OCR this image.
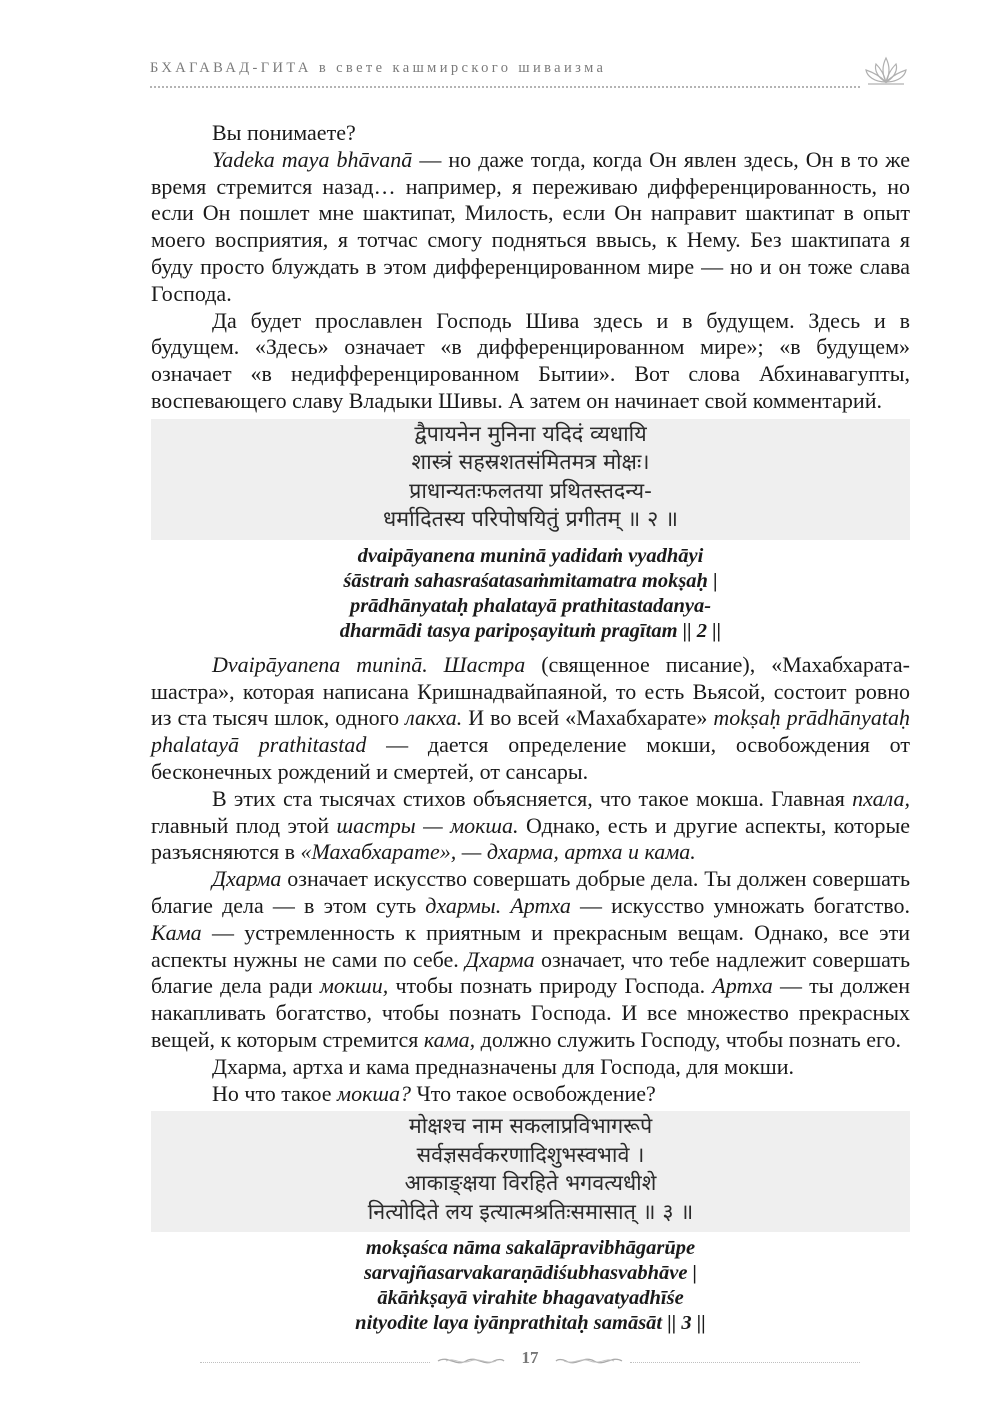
БХАГАВАД-ГИТА в свете кашмирского шиваизма

Вы понимаете?

Yadeka maya bhāvanā — но даже тогда, когда Он явлен здесь, Он в то же время стремится назад… например, я переживаю дифференцированность, но если Он пошлет мне шактипат, Милость, если Он направит шактипат в опыт моего восприятия, я тотчас смогу подняться ввысь, к Нему. Без шактипата я буду просто блуждать в этом дифференцированном мире — но и он тоже слава Господа.

Да будет прославлен Господь Шива здесь и в будущем. Здесь и в будущем. «Здесь» означает «в дифференцированном мире»; «в будущем» означает «в недифференцированном Бытии». Вот слова Абхинавагупты, воспевающего славу Владыки Шивы. А затем он начинает свой комментарий.

द्वैपायनेन मुनिना यदिदं व्यधायि
शास्त्रं सहस्रशतसंमितमत्र मोक्षः।
प्राधान्यतःफलतया प्रथितस्तदन्य-
धर्मादितस्य परिपोषयितुं प्रगीतम् ॥ २ ॥
dvaipāyanena muninā yadidaṁ vyadhāyi
śāstraṁ sahasraśatasaṁmitamatra mokṣaḥ |
prādhānyataḥ phalatayā prathitastadanya-
dharmādi tasya paripoṣayituṁ pragītam || 2 ||

Dvaipāyanena muninā. Шастра (священное писание), «Махабхарата-шастра», которая написана Кришнадвайпаяной, то есть Вьясой, состоит ровно из ста тысяч шлок, одного лакха. И во всей «Махабхарате» mokṣaḥ prādhānyataḥ phalatayā prathitastad — дается определение мокши, освобождения от бесконечных рождений и смертей, от сансары.

В этих ста тысячах стихов объясняется, что такое мокша. Главная пхала, главный плод этой шастры — мокша. Однако, есть и другие аспекты, которые разъясняются в «Махабхарате», — дхарма, артха и кама.

Дхарма означает искусство совершать добрые дела. Ты должен совершать благие дела — в этом суть дхармы. Артха — искусство умножать богатство. Кама — устремленность к приятным и прекрасным вещам. Однако, все эти аспекты нужны не сами по себе. Дхарма означает, что тебе надлежит совершать благие дела ради мокши, чтобы познать природу Господа. Артха — ты должен накапливать богатство, чтобы познать Господа. И все множество прекрасных вещей, к которым стремится кама, должно служить Господу, чтобы познать его.

Дхарма, артха и кама предназначены для Господа, для мокши.

Но что такое мокша? Что такое освобождение?

मोक्षश्च नाम सकलाप्रविभागरूपे
सर्वज्ञसर्वकरणादिशुभस्वभावे ।
आकाङ्क्षया विरहिते भगवत्यधीशे
नित्योदिते लय इत्यात्मश्रतिःसमासात् ॥ ३ ॥
mokṣaśca nāma sakalāpravibhāgarūpe
sarvajñasarvakaraṇādiśubhasvabhāve |
ākāṅkṣayā virahite bhagavatyadhīśe
nityodite laya iyānprathitaḥ samāsāt || 3 ||
17
